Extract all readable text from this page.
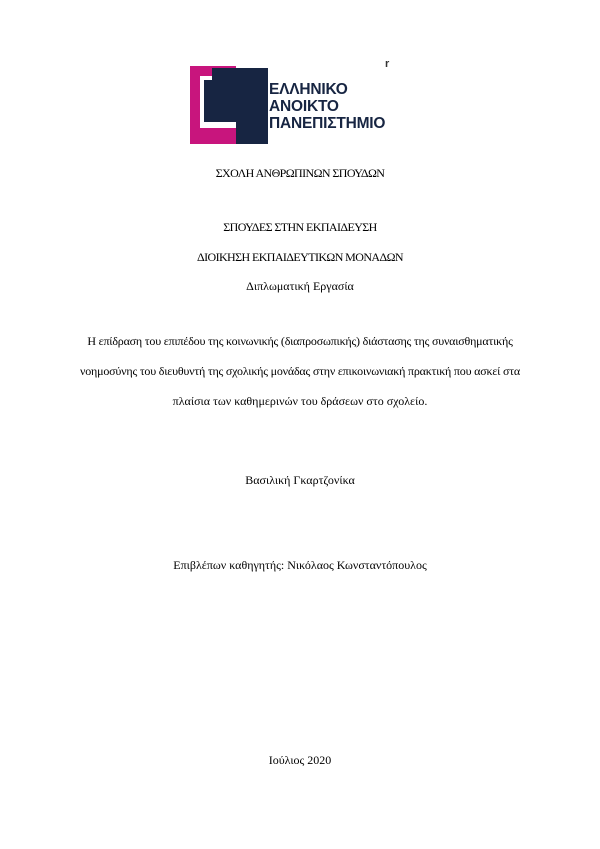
ΕΛΛΗΝΙΚΟ
ΑΝΟΙΚΤΟ
ΠΑΝΕΠΙΣΤΗΜΙΟ
r
ΣΧΟΛΗ ΑΝΘΡΩΠΙΝΩΝ ΣΠΟΥΔΩΝ
ΣΠΟΥΔΕΣ ΣΤΗΝ ΕΚΠΑΙΔΕΥΣΗ
ΔΙΟΙΚΗΣΗ ΕΚΠΑΙΔΕΥΤΙΚΩΝ ΜΟΝΑΔΩΝ
Διπλωματική Εργασία
Η επίδραση του επιπέδου της κοινωνικής (διαπροσωπικής) διάστασης της συναισθηματικής
νοημοσύνης του διευθυντή της σχολικής μονάδας στην επικοινωνιακή πρακτική που ασκεί στα
πλαίσια των καθημερινών του δράσεων στο σχολείο.
Βασιλική Γκαρτζονίκα
Επιβλέπων καθηγητής: Νικόλαος Κωνσταντόπουλος
Ιούλιος 2020
